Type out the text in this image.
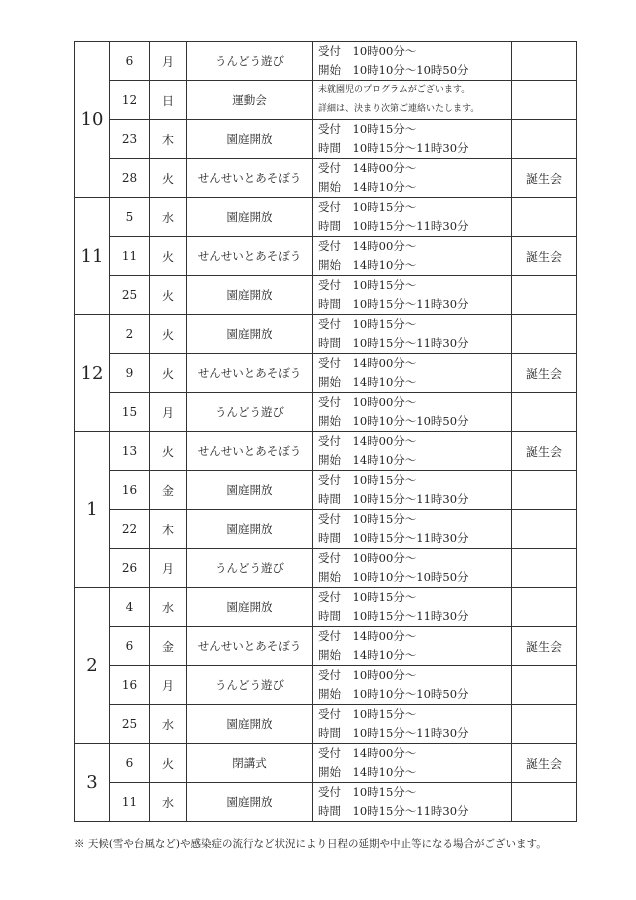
10	6	月	うんどう遊び	受付　10時00分～
開始　10時10分～10時50分	

	12	日	運動会	未就園児のプログラムがございます。
詳細は、決まり次第ご連絡いたします。	

	23	木	園庭開放	受付　10時15分～
時間　10時15分～11時30分	

	28	火	せんせいとあそぼう	受付　14時00分～
開始　14時10分～	誕生会
11	5	水	園庭開放	受付　10時15分～
時間　10時15分～11時30分	

	11	火	せんせいとあそぼう	受付　14時00分～
開始　14時10分～	誕生会
	25	火	園庭開放	受付　10時15分～
時間　10時15分～11時30分	

12	2	火	園庭開放	受付　10時15分～
時間　10時15分～11時30分	

	9	火	せんせいとあそぼう	受付　14時00分～
開始　14時10分～	誕生会
	15	月	うんどう遊び	受付　10時00分～
開始　10時10分～10時50分	

1	13	火	せんせいとあそぼう	受付　14時00分～
開始　14時10分～	誕生会
	16	金	園庭開放	受付　10時15分～
時間　10時15分～11時30分	

	22	木	園庭開放	受付　10時15分～
時間　10時15分～11時30分	

	26	月	うんどう遊び	受付　10時00分～
開始　10時10分～10時50分	

2	4	水	園庭開放	受付　10時15分～
時間　10時15分～11時30分	

	6	金	せんせいとあそぼう	受付　14時00分～
開始　14時10分～	誕生会
	16	月	うんどう遊び	受付　10時00分～
開始　10時10分～10時50分	

	25	水	園庭開放	受付　10時15分～
時間　10時15分～11時30分	

3	6	火	閉講式	受付　14時00分～
開始　14時10分～	誕生会
	11	水	園庭開放	受付　10時15分～
時間　10時15分～11時30分	

※ 天候(雪や台風など)や感染症の流行など状況により日程の延期や中止等になる場合がございます。
